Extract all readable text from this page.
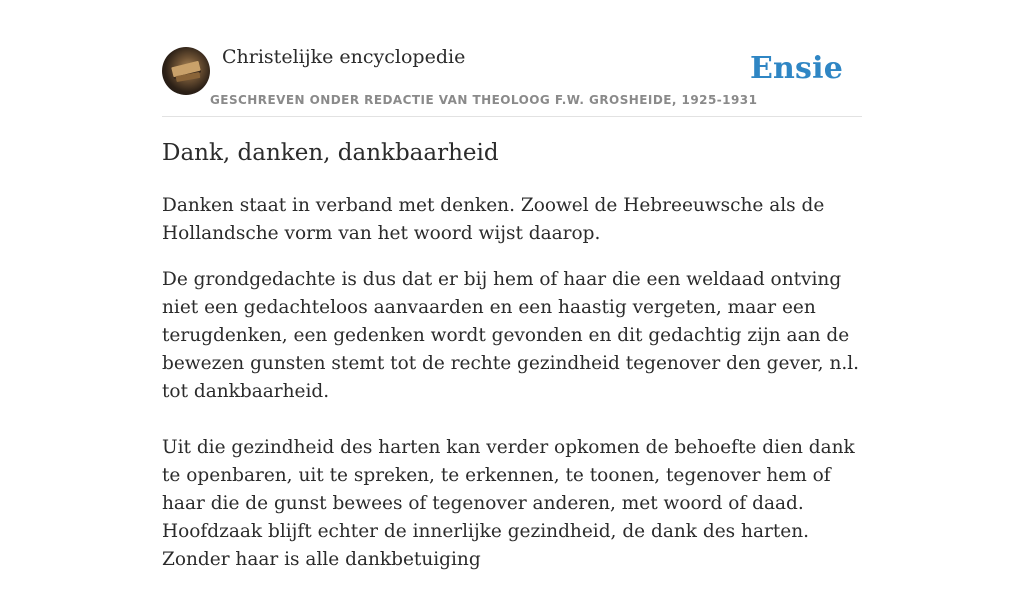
Christelijke encyclopedie
GESCHREVEN ONDER REDACTIE VAN THEOLOOG F.W. GROSHEIDE, 1925-1931
Ensie
Dank, danken, dankbaarheid

Danken staat in verband met denken. Zoowel de Hebreeuwsche als de Hollandsche vorm van het woord wijst daarop.

De grondgedachte is dus dat er bij hem of haar die een weldaad ontving niet een gedachteloos aanvaarden en een haastig vergeten, maar een terugdenken, een gedenken wordt gevonden en dit gedachtig zijn aan de bewezen gunsten stemt tot de rechte gezindheid tegenover den gever, n.l. tot dankbaarheid.

Uit die gezindheid des harten kan verder opkomen de behoefte dien dank te openbaren, uit te spreken, te erkennen, te toonen, tegenover hem of haar die de gunst bewees of tegenover anderen, met woord of daad. Hoofdzaak blijft echter de innerlijke gezindheid, de dank des harten. Zonder haar is alle dankbetuiging
